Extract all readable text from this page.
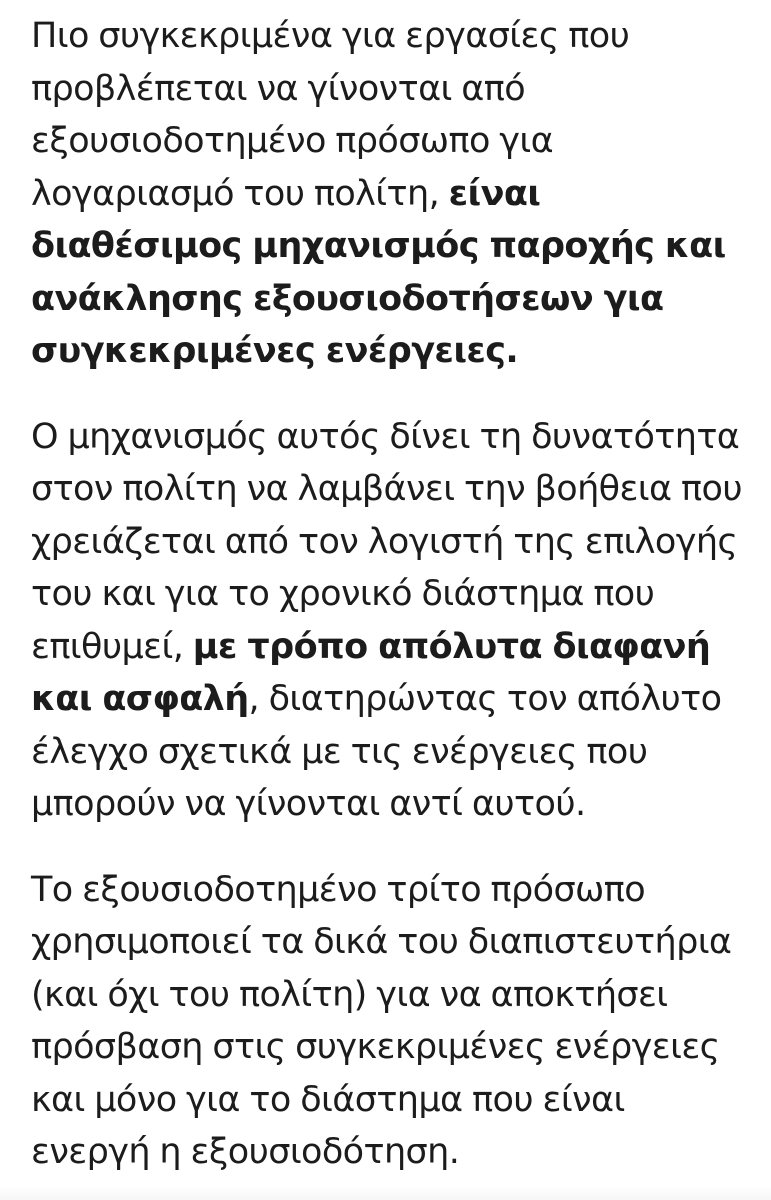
Πιο συγκεκριμένα για εργασίες που
προβλέπεται να γίνονται από
εξουσιοδοτημένο πρόσωπο για
λογαριασμό του πολίτη, είναι
διαθέσιμος μηχανισμός παροχής και
ανάκλησης εξουσιοδοτήσεων για
συγκεκριμένες ενέργειες.

Ο μηχανισμός αυτός δίνει τη δυνατότητα
στον πολίτη να λαμβάνει την βοήθεια που
χρειάζεται από τον λογιστή της επιλογής
του και για το χρονικό διάστημα που
επιθυμεί, με τρόπο απόλυτα διαφανή
και ασφαλή, διατηρώντας τον απόλυτο
έλεγχο σχετικά με τις ενέργειες που
μπορούν να γίνονται αντί αυτού.

Το εξουσιοδοτημένο τρίτο πρόσωπο
χρησιμοποιεί τα δικά του διαπιστευτήρια
(και όχι του πολίτη) για να αποκτήσει
πρόσβαση στις συγκεκριμένες ενέργειες
και μόνο για το διάστημα που είναι
ενεργή η εξουσιοδότηση.
